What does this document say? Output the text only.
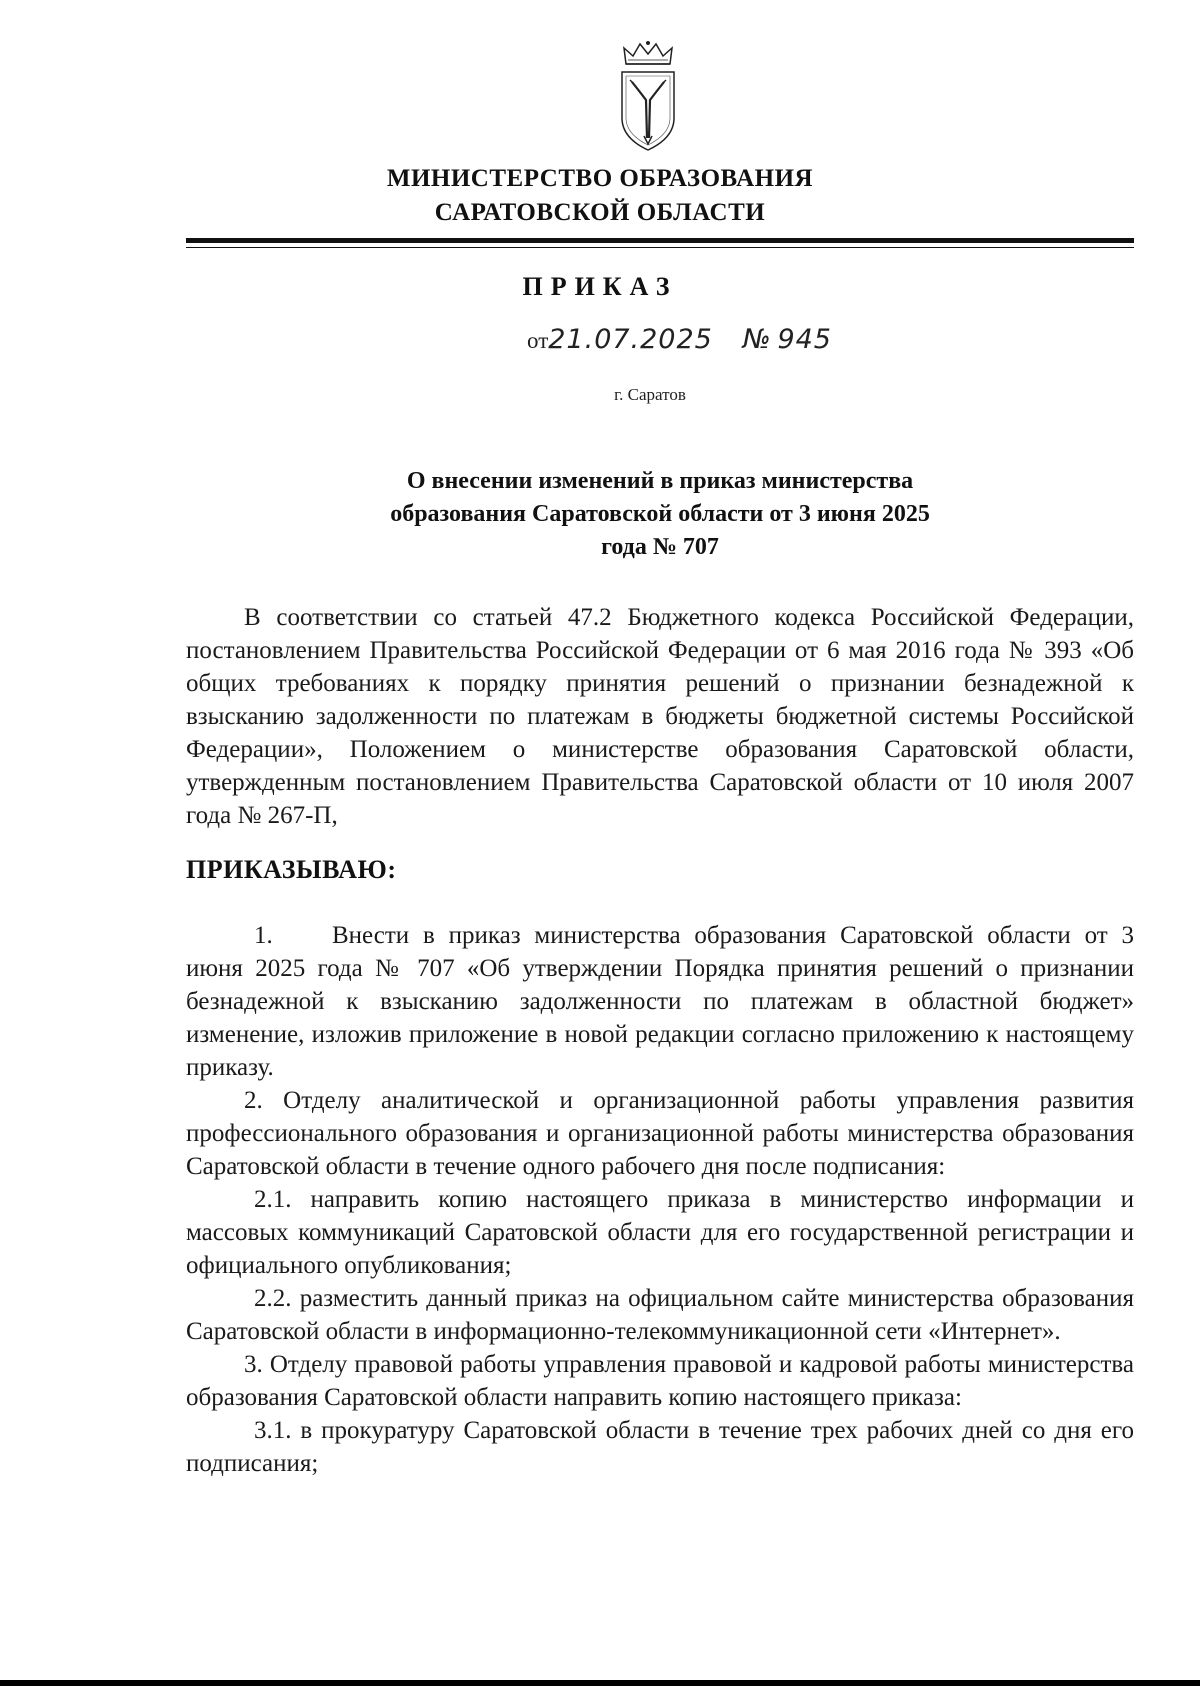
МИНИСТЕРСТВО ОБРАЗОВАНИЯ
САРАТОВСКОЙ ОБЛАСТИ
ПРИКАЗ
от21.07.2025 № 945
г. Саратов
О внесении изменений в приказ министерства
образования Саратовской области от 3 июня 2025
года № 707
В соответствии со статьей 47.2 Бюджетного кодекса Российской Федерации, постановлением Правительства Российской Федерации от 6 мая 2016 года № 393 «Об общих требованиях к порядку принятия решений о признании безнадежной к взысканию задолженности по платежам в бюджеты бюджетной системы Российской Федерации», Положением о министерстве образования Саратовской области, утвержденным постановлением Правительства Саратовской области от 10 июля 2007 года № 267-П,
ПРИКАЗЫВАЮ:

1. Внести в приказ министерства образования Саратовской области от 3 июня 2025 года № 707 «Об утверждении Порядка принятия решений о признании безнадежной к взысканию задолженности по платежам в областной бюджет» изменение, изложив приложение в новой редакции согласно приложению к настоящему приказу.

2. Отделу аналитической и организационной работы управления развития профессионального образования и организационной работы министерства образования Саратовской области в течение одного рабочего дня после подписания:

2.1. направить копию настоящего приказа в министерство информации и массовых коммуникаций Саратовской области для его государственной регистрации и официального опубликования;

2.2. разместить данный приказ на официальном сайте министерства образования Саратовской области в информационно-телекоммуникационной сети «Интернет».

3. Отделу правовой работы управления правовой и кадровой работы министерства образования Саратовской области направить копию настоящего приказа:

3.1. в прокуратуру Саратовской области в течение трех рабочих дней со дня его подписания;
